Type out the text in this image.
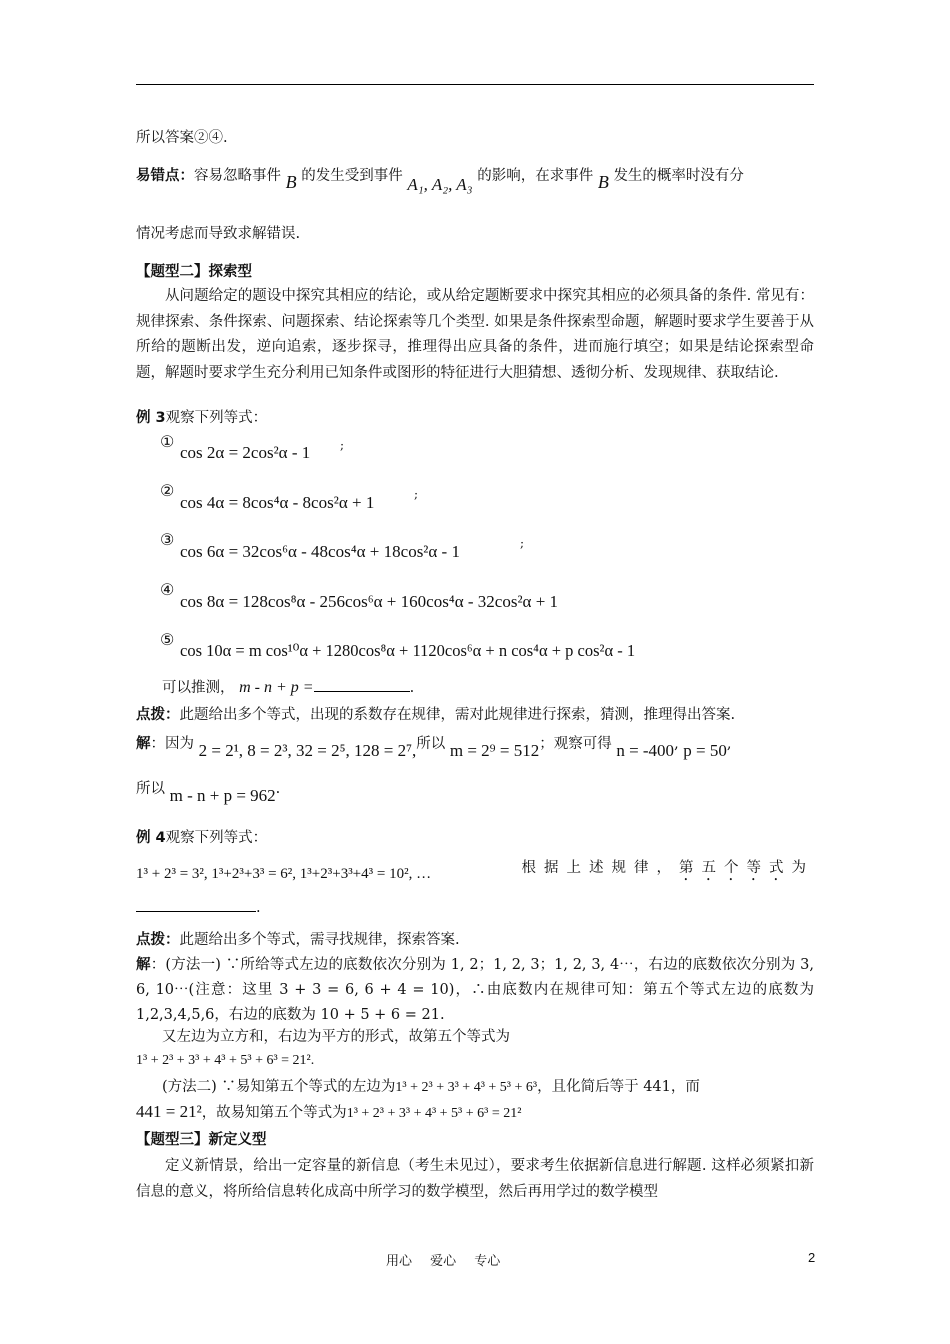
所以答案②④.
易错点：容易忽略事件 B 的发生受到事件 A₁, A₂, A₃ 的影响，在求事件 B 发生的概率时没有分
情况考虑而导致求解错误.
【题型二】探索型
从问题给定的题设中探究其相应的结论，或从给定题断要求中探究其相应的必须具备的条件. 常见有：规律探索、条件探索、问题探索、结论探索等几个类型. 如果是条件探索型命题，解题时要求学生要善于从所给的题断出发，逆向追索，逐步探寻，推理得出应具备的条件，进而施行填空；如果是结论探索型命题，解题时要求学生充分利用已知条件或图形的特征进行大胆猜想、透彻分析、发现规律、获取结论.
例 3观察下列等式：
①
cos 2α = 2cos²α - 1 ;
②
cos 4α = 8cos⁴α - 8cos²α + 1	;
③
cos 6α = 32cos⁶α - 48cos⁴α + 18cos²α - 1	;
④
cos 8α = 128cos⁸α - 256cos⁶α + 160cos⁴α - 32cos²α + 1
⑤
cos 10α = m cos¹⁰α + 1280cos⁸α + 1120cos⁶α + n cos⁴α + p cos²α - 1
可以推测， m - n + p =	.
点拨：此题给出多个等式，出现的系数存在规律，需对此规律进行探索，猜测，推理得出答案.
解：因为 2 = 2¹, 8 = 2³, 32 = 2⁵, 128 = 2⁷,所以 m = 2⁹ = 512；观察可得 n = -400, p = 50,
所以 m - n + p = 962.
例 4观察下列等式：
1³ + 2³ = 3², 1³+2³+3³ = 6², 1³+2³+3³+4³ = 10², …	根据上述规律，第五个等式为
.
点拨：此题给出多个等式，需寻找规律，探索答案.
解：(方法一) ∵所给等式左边的底数依次分别为 1, 2；1, 2, 3；1, 2, 3, 4⋯，右边的底数依次分别为 3, 6, 10⋯(注意：这里 3 + 3 = 6, 6 + 4 = 10)，∴由底数内在规律可知：第五个等式左边的底数为 1,2,3,4,5,6，右边的底数为 10 + 5 + 6 = 21.
又左边为立方和，右边为平方的形式，故第五个等式为
1³ + 2³ + 3³ + 4³ + 5³ + 6³ = 21².
(方法二) ∵易知第五个等式的左边为1³ + 2³ + 3³ + 4³ + 5³ + 6³，且化简后等于 441，而
441 = 21²，故易知第五个等式为1³ + 2³ + 3³ + 4³ + 5³ + 6³ = 21²
【题型三】新定义型
定义新情景，给出一定容量的新信息（考生未见过），要求考生依据新信息进行解题. 这样必须紧扣新信息的意义，将所给信息转化成高中所学习的数学模型，然后再用学过的数学模型
用心 爱心 专心	2
